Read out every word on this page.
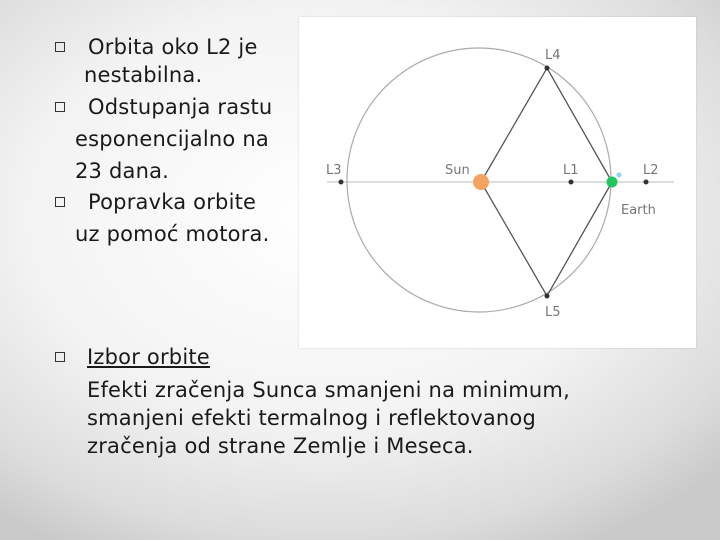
Orbita oko L2 je
nestabilna.
Odstupanja rastu
esponencijalno na
23 dana.
Popravka orbite
uz pomoć motora.
Izbor orbite
Efekti zračenja Sunca smanjeni na minimum,
smanjeni efekti termalnog i reflektovanog
zračenja od strane Zemlje i Meseca.
L4
L3	Sun	L1	L2
Earth
L5
